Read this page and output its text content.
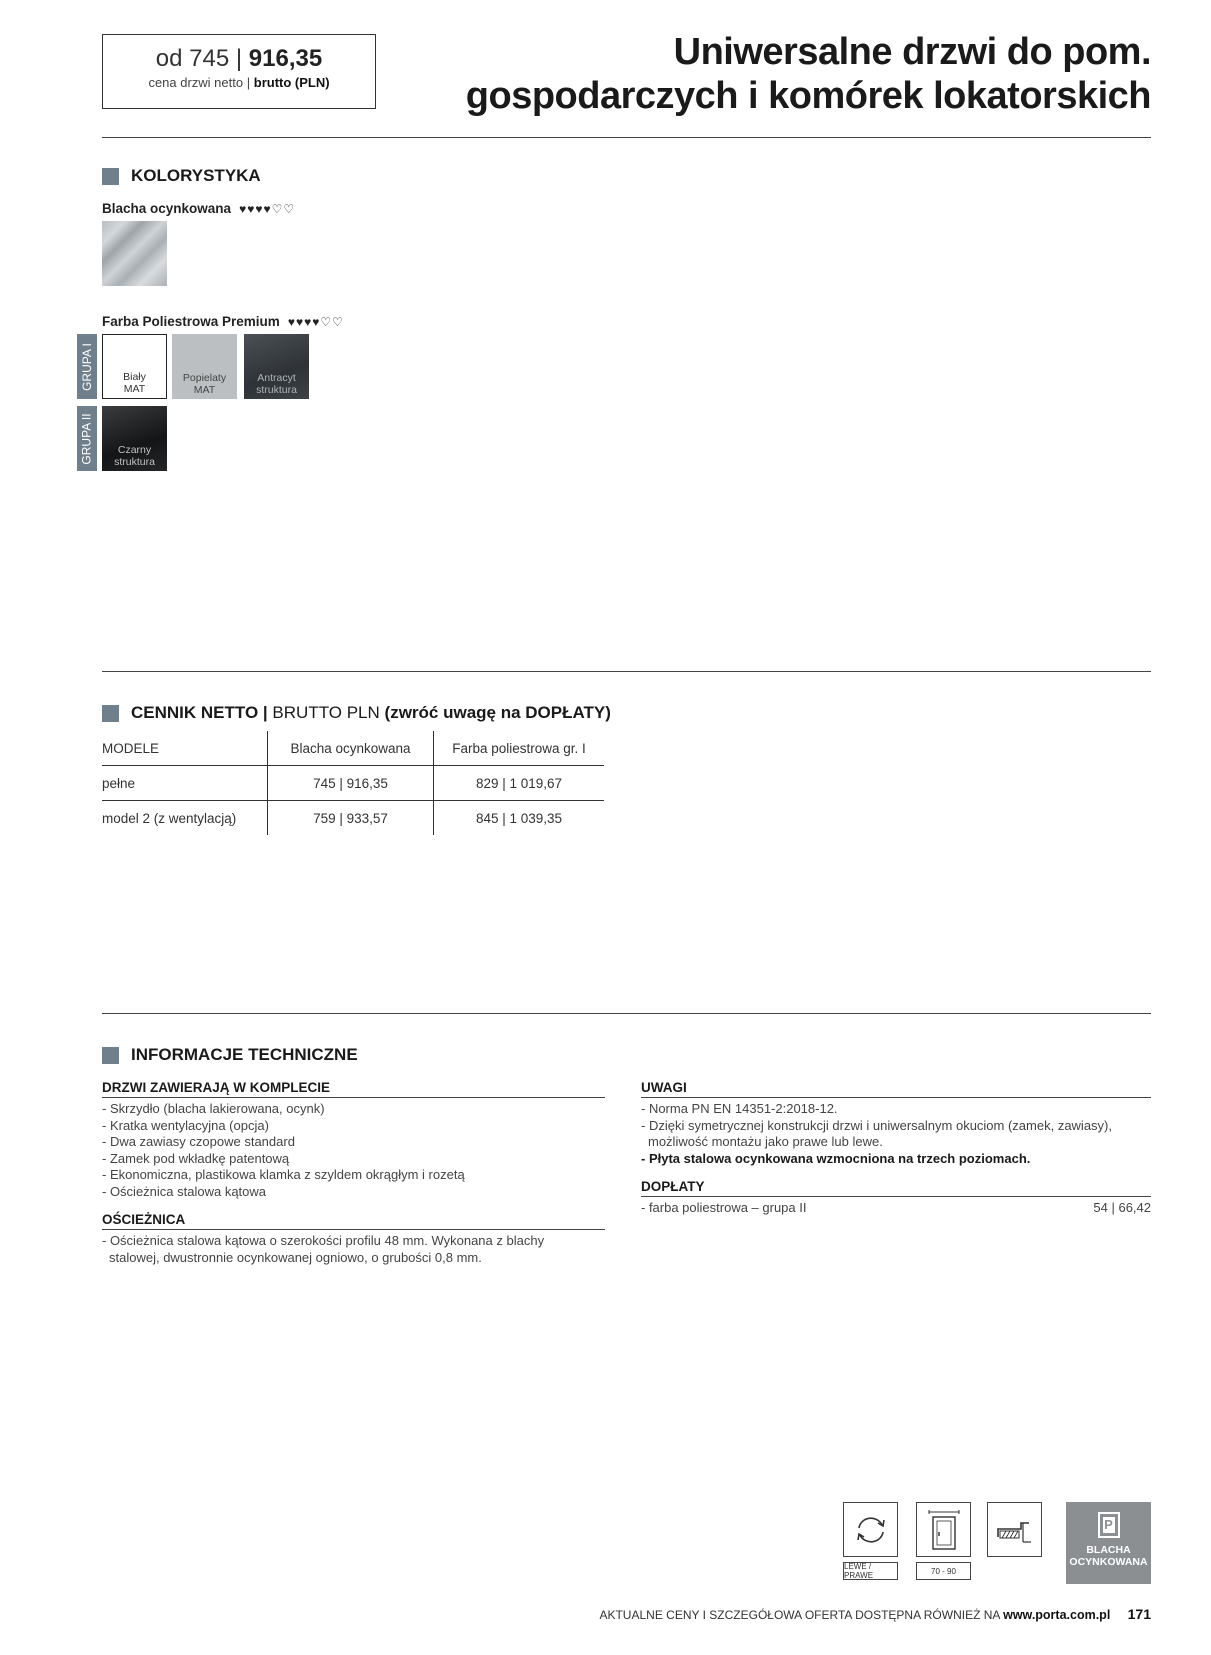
od 745 | 916,35
cena drzwi netto | brutto (PLN)
Uniwersalne drzwi do pom.
gospodarczych i komórek lokatorskich
KOLORYSTYKA
Blacha ocynkowana ♥♥♥♥♡♡
Farba Poliestrowa Premium ♥♥♥♥♡♡
GRUPA I
GRUPA II
Biały
MAT
Popielaty
MAT
Antracyt
struktura
Czarny
struktura
CENNIK NETTO |
BRUTTO PLN
(zwróć uwagę na DOPŁATY)
MODELE	Blacha ocynkowana	Farba poliestrowa gr. I
pełne	745 | 916,35	829 | 1 019,67
model 2 (z wentylacją)	759 | 933,57	845 | 1 039,35
INFORMACJE TECHNICZNE
DRZWI ZAWIERAJĄ W KOMPLECIE
- Skrzydło (blacha lakierowana, ocynk)
- Kratka wentylacyjna (opcja)
- Dwa zawiasy czopowe standard
- Zamek pod wkładkę patentową
- Ekonomiczna, plastikowa klamka z szyldem okrągłym i rozetą
- Ościeżnica stalowa kątowa
OŚCIEŻNICA
- Ościeżnica stalowa kątowa o szerokości profilu 48 mm. Wykonana z blachy
stalowej, dwustronnie ocynkowanej ogniowo, o grubości 0,8 mm.
UWAGI
- Norma PN EN 14351-2:2018-12.
- Dzięki symetrycznej konstrukcji drzwi i uniwersalnym okuciom (zamek, zawiasy),
możliwość montażu jako prawe lub lewe.
- Płyta stalowa ocynkowana wzmocniona na trzech poziomach.
DOPŁATY
- farba poliestrowa – grupa II	54 | 66,42
LEWE / PRAWE	70 - 90
P
BLACHA
OCYNKOWANA
AKTUALNE CENY I SZCZEGÓŁOWA OFERTA DOSTĘPNA RÓWNIEŻ NA www.porta.com.pl 171
